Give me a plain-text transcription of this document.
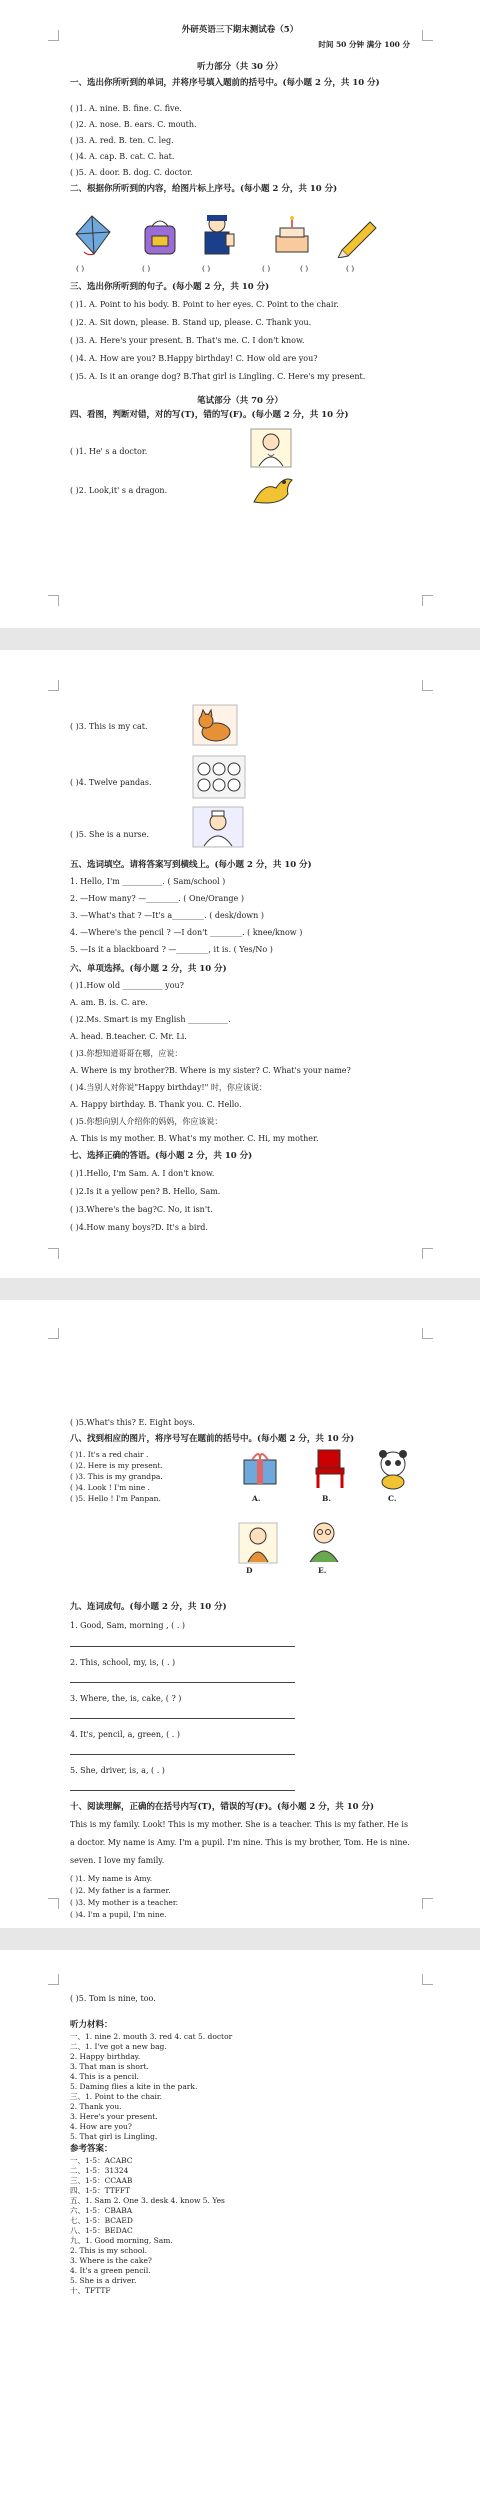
外研英语三下期末测试卷（5）
时间 50 分钟 满分 100 分
听力部分（共 30 分）
一、选出你所听到的单词，并将序号填入题前的括号中。(每小题 2 分，共 10 分)
( )1. A. nine. B. fine. C. five.
( )2. A. nose. B. ears. C. mouth.
( )3. A. red. B. ten. C. leg.
( )4. A. cap. B. cat. C. hat.
( )5. A. door. B. dog. C. doctor.
二、根据你所听到的内容，给图片标上序号。(每小题 2 分，共 10 分)
( )	( )	( )	( )	( )	( )
三、选出你所听到的句子。(每小题 2 分，共 10 分)
( )1. A. Point to his body. B. Point to her eyes. C. Point to the chair.
( )2. A. Sit down, please. B. Stand up, please. C. Thank you.
( )3. A. Here's your present. B. That's me. C. I don't know.
( )4. A. How are you? B.Happy birthday! C. How old are you?
( )5. A. Is it an orange dog? B.That girl is Lingling. C. Here's my present.
笔试部分（共 70 分）
四、看图，判断对错，对的写(T)，错的写(F)。(每小题 2 分，共 10 分)
( )1. He' s a doctor.
( )2. Look,it' s a dragon.
( )3. This is my cat.
( )4. Twelve pandas.
( )5. She is a nurse.
五、选词填空。请将答案写到横线上。(每小题 2 分，共 10 分)
1. Hello, I'm __________. ( Sam/school )
2. —How many? —________. ( One/Orange )
3. —What's that ? —It's a________. ( desk/down )
4. —Where's the pencil ? —I don't ________. ( knee/know )
5. —Is it a blackboard ? —________, it is. ( Yes/No )
六、单项选择。(每小题 2 分，共 10 分)
( )1.How old __________ you?
A. am. B. is. C. are.
( )2.Ms. Smart is my English __________.
A. head. B.teacher. C. Mr. Li.
( )3.你想知道哥哥在哪，应说：
A. Where is my brother?B. Where is my sister? C. What's your name?
( )4.当别人对你说"Happy birthday!" 时，你应该说：
A. Happy birthday. B. Thank you. C. Hello.
( )5.你想向别人介绍你的妈妈，你应该说：
A. This is my mother. B. What's my mother. C. Hi, my mother.
七、选择正确的答语。(每小题 2 分，共 10 分)
( )1.Hello, I'm Sam. A. I don't know.
( )2.Is it a yellow pen? B. Hello, Sam.
( )3.Where's the bag?C. No, it isn't.
( )4.How many boys?D. It's a bird.
( )5.What's this? E. Eight boys.
八、找到相应的图片，将序号写在题前的括号中。(每小题 2 分，共 10 分)
( )1. It's a red chair .
( )2. Here is my present.
( )3. This is my grandpa.
( )4. Look ! I'm nine .
( )5. Hello ! I'm Panpan.	A.	B.	C.
D	E.
九、连词成句。(每小题 2 分，共 10 分)
1. Good, Sam, morning , ( . )
2. This, school, my, is, ( . )
3. Where, the, is, cake, ( ? )
4. It's, pencil, a, green, ( . )
5. She, driver, is, a, ( . )
十、阅读理解，正确的在括号内写(T)，错误的写(F)。(每小题 2 分，共 10 分)
This is my family. Look! This is my mother. She is a teacher. This is my father. He is
a doctor. My name is Amy. I'm a pupil. I'm nine. This is my brother, Tom. He is nine.
seven. I love my family.
( )1. My name is Amy.
( )2. My father is a farmer.
( )3. My mother is a teacher.
( )4. I'm a pupil, I'm nine.
( )5. Tom is nine, too.
听力材料：
一、1. nine 2. mouth 3. red 4. cat 5. doctor
二、1. I've got a new bag.
2. Happy birthday.
3. That man is short.
4. This is a pencil.
5. Daming flies a kite in the park.
三、1. Point to the chair.
2. Thank you.
3. Here's your present.
4. How are you?
5. That girl is Lingling.
参考答案：
一、1-5：ACABC
二、1-5：31324
三、1-5：CCAAB
四、1-5：TTFFT
五、1. Sam 2. One 3. desk 4. know 5. Yes
六、1-5：CBABA
七、1-5：BCAED
八、1-5：BEDAC
九、1. Good morning, Sam.
2. This is my school.
3. Where is the cake?
4. It's a green pencil.
5. She is a driver.
十、TFTTF
